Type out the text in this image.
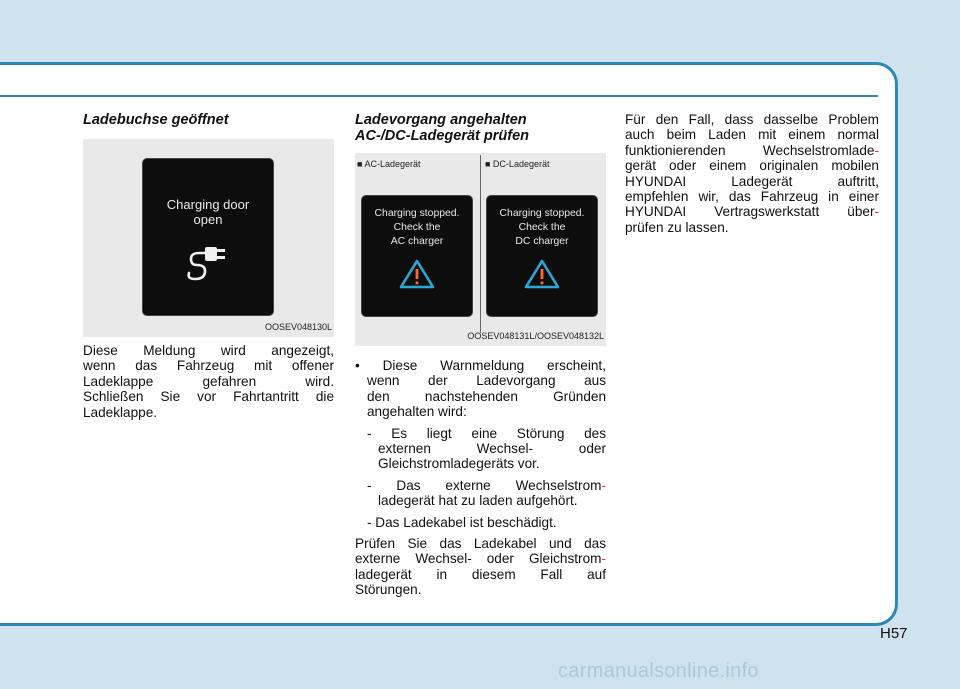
Ladebuchse geöffnet
Charging door
open
OOSEV048130L
Diese Meldung wird angezeigt,
wenn das Fahrzeug mit offener
Ladeklappe gefahren wird.
Schließen Sie vor Fahrtantritt die
Ladeklappe.
Ladevorgang angehalten
AC-/DC-Ladegerät prüfen
■ AC-Ladegerät	■ DC-Ladegerät
Charging stopped.
Check the
AC charger
Charging stopped.
Check the
DC charger
OOSEV048131L/OOSEV048132L
• Diese Warnmeldung erscheint,
wenn der Ladevorgang aus
den nachstehenden Gründen
angehalten wird:
- Es liegt eine Störung des
externen Wechsel- oder
Gleichstromladegeräts vor.
- Das externe Wechselstrom-
ladegerät hat zu laden aufgehört.
- Das Ladekabel ist beschädigt.
Prüfen Sie das Ladekabel und das
externe Wechsel- oder Gleichstrom-
ladegerät in diesem Fall auf
Störungen.
Für den Fall, dass dasselbe Problem
auch beim Laden mit einem normal
funktionierenden Wechselstromlade-
gerät oder einem originalen mobilen
HYUNDAI Ladegerät auftritt,
empfehlen wir, das Fahrzeug in einer
HYUNDAI Vertragswerkstatt über-
prüfen zu lassen.
H57
carmanualsonline.info
